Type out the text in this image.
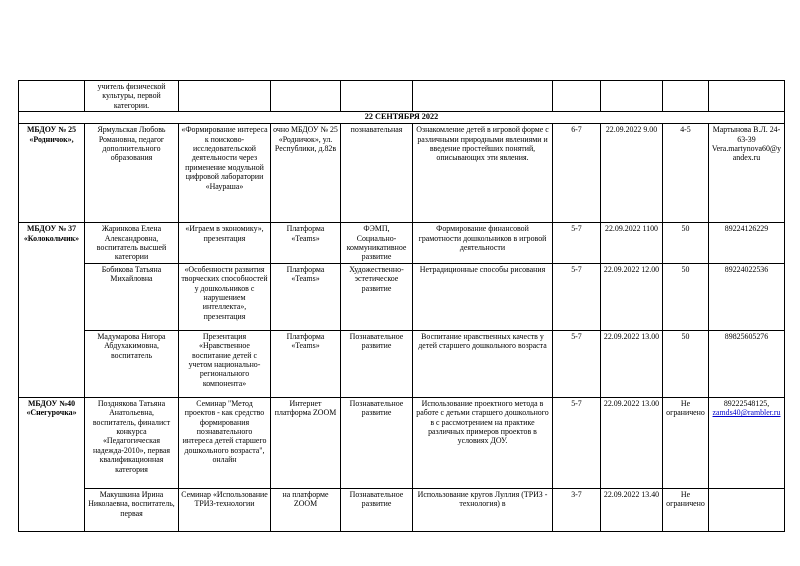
	учитель физической культуры, первой категории.								
22 СЕНТЯБРЯ 2022									
МБДОУ № 25 «Родничок»,	Ярмульская Любовь Романовна, педагог дополнительного образования	«Формирование интереса к поисково-исследовательской деятельности через применение модульной цифровой лаборатории «Наураша»	очно МБДОУ № 25 «Родничок», ул. Республики, д.82в	познавательная	Ознакомление детей в игровой форме с различными природными явлениями и введение простейших понятий, описывающих эти явления.	6-7	22.09.2022 9.00	4-5	Мартынова В.Л. 24-63-39 Vera.martynova60@yandex.ru
МБДОУ № 37 «Колокольчик»	Жаринкова Елена Александровна, воспитатель высшей категории	«Играем в экономику», презентация	Платформа «Teams»	ФЭМП, Социально-коммуникативное развитие	Формирование финансовой грамотности дошкольников в игровой деятельности	5-7	22.09.2022 1100	50	89224126229
	Бобикова Татьяна Михайловна	«Особенности развития творческих способностей у дошкольников с нарушением интеллекта», презентация	Платформа «Teams»	Художественно-эстетическое развитие	Нетрадиционные способы рисования	5-7	22.09.2022 12.00	50	89224022536
	Мадумарова Нигора Абдухакимовна, воспитатель	Презентация «Нравственное воспитание детей с учетом национально-регионального компонента»	Платформа «Teams»	Познавательное развитие	Воспитание нравственных качеств у детей старшего дошкольного возраста	5-7	22.09.2022 13.00	50	89825605276
МБДОУ №40 «Снегурочка»	Позднякова Татьяна Анатольевна, воспитатель, финалист конкурса «Педагогическая надежда-2010», первая квалификационная категория	Семинар "Метод проектов - как средство формирования познавательного интереса детей старшего дошкольного возраста", онлайн	Интернет платформа ZOOM	Познавательное развитие	Использование проектного метода в работе с детьми старшего дошкольного в с рассмотрением на практике различных примеров проектов в условиях ДОУ.	5-7	22.09.2022 13.00	Не ограничено	89222548125,
zamds40@rambler.ru

	Макушкина Ирина Николаевна, воспитатель, первая	Семинар «Использование ТРИЗ-технологии	на платформе ZOOM	Познавательное развитие	Использование кругов Луллия (ТРИЗ - технология) в	3-7	22.09.2022 13.40	Не ограничено	
